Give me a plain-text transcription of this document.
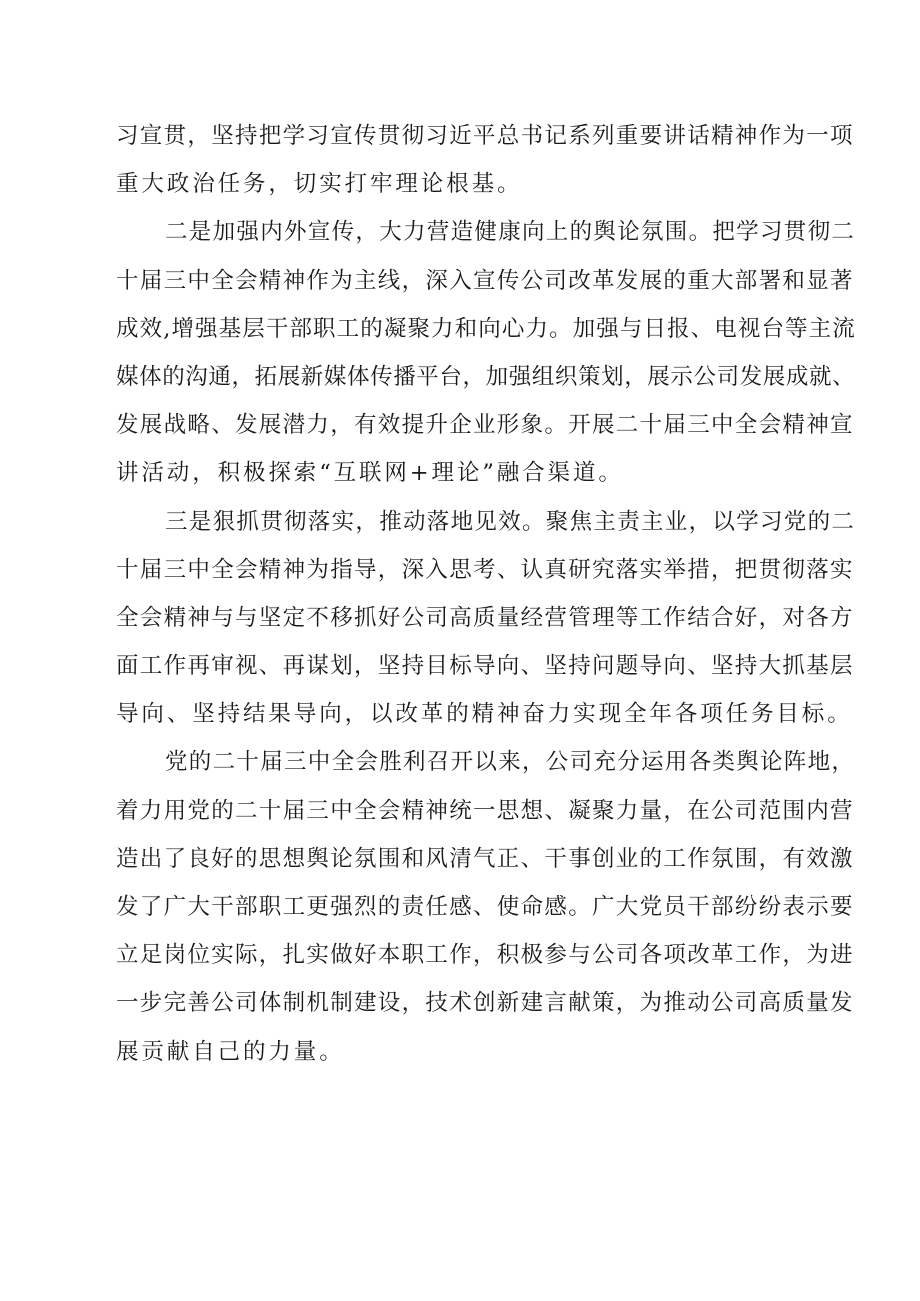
习宣贯，坚持把学习宣传贯彻习近平总书记系列重要讲话精神作为一项
重大政治任务，切实打牢理论根基。
二是加强内外宣传，大力营造健康向上的舆论氛围。把学习贯彻二
十届三中全会精神作为主线，深入宣传公司改革发展的重大部署和显著
成效,增强基层干部职工的凝聚力和向心力。加强与日报、电视台等主流
媒体的沟通，拓展新媒体传播平台，加强组织策划，展示公司发展成就、
发展战略、发展潜力，有效提升企业形象。开展二十届三中全会精神宣
讲活动，积极探索“互联网+理论”融合渠道。
三是狠抓贯彻落实，推动落地见效。聚焦主责主业，以学习党的二
十届三中全会精神为指导，深入思考、认真研究落实举措，把贯彻落实
全会精神与与坚定不移抓好公司高质量经营管理等工作结合好，对各方
面工作再审视、再谋划，坚持目标导向、坚持问题导向、坚持大抓基层
导向、坚持结果导向，以改革的精神奋力实现全年各项任务目标。
党的二十届三中全会胜利召开以来，公司充分运用各类舆论阵地，
着力用党的二十届三中全会精神统一思想、凝聚力量，在公司范围内营
造出了良好的思想舆论氛围和风清气正、干事创业的工作氛围，有效激
发了广大干部职工更强烈的责任感、使命感。广大党员干部纷纷表示要
立足岗位实际，扎实做好本职工作，积极参与公司各项改革工作，为进
一步完善公司体制机制建设，技术创新建言献策，为推动公司高质量发
展贡献自己的力量。
